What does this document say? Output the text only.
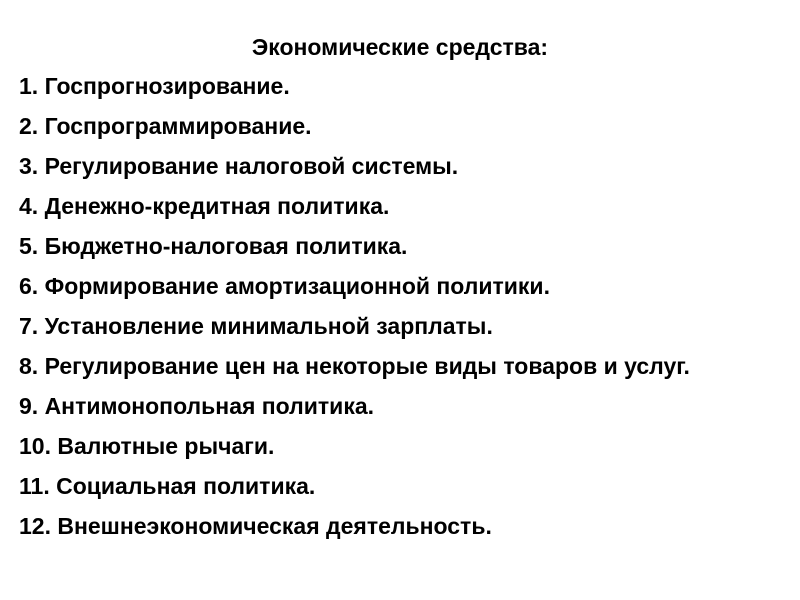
Экономические средства:
1. Госпрогнозирование.
2. Госпрограммирование.
3. Регулирование налоговой системы.
4. Денежно-кредитная политика.
5. Бюджетно-налоговая политика.
6. Формирование амортизационной политики.
7. Установление минимальной зарплаты.
8. Регулирование цен на некоторые виды товаров и услуг.
9. Антимонопольная политика.
10. Валютные рычаги.
11. Социальная политика.
12. Внешнеэкономическая деятельность.
